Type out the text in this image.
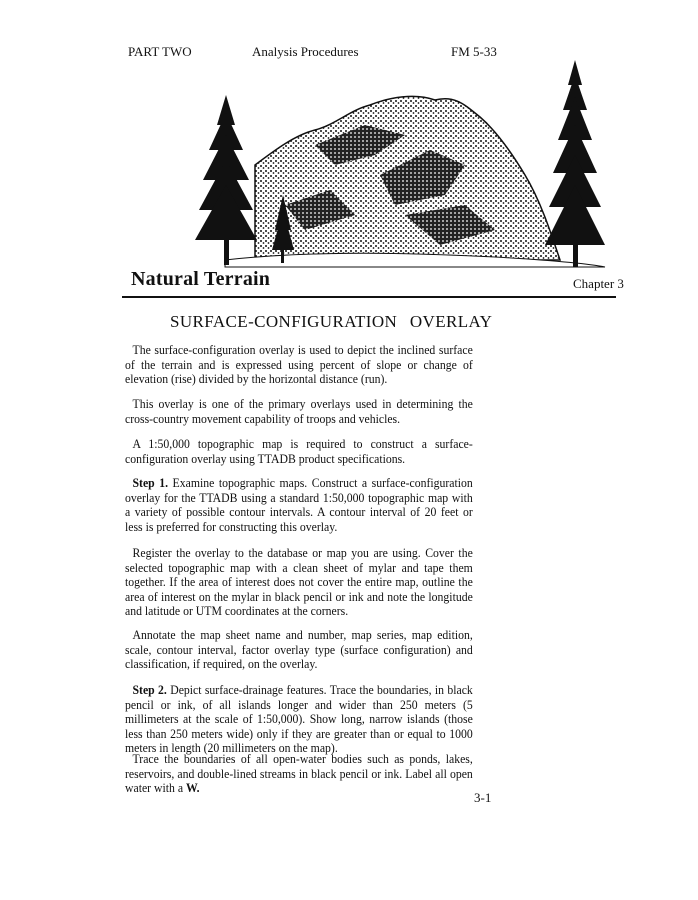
PART TWO	Analysis Procedures	FM 5-33
Natural Terrain	Chapter 3
SURFACE-CONFIGURATION OVERLAY

The surface-configuration overlay is used to depict the inclined surface of the terrain and is expressed using percent of slope or change of elevation (rise) divided by the horizontal distance (run).

This overlay is one of the primary overlays used in determining the cross-country movement capability of troops and vehicles.

A 1:50,000 topographic map is required to construct a surface-configuration overlay using TTADB product specifications.

Step 1. Examine topographic maps. Construct a surface-configuration overlay for the TTADB using a standard 1:50,000 topographic map with a variety of possible contour intervals. A contour interval of 20 feet or less is preferred for constructing this overlay.

Register the overlay to the database or map you are using. Cover the selected topographic map with a clean sheet of mylar and tape them together. If the area of interest does not cover the entire map, outline the area of interest on the mylar in black pencil or ink and note the longitude and latitude or UTM coordinates at the corners.

Annotate the map sheet name and number, map series, map edition, scale, contour interval, factor overlay type (surface configuration) and classification, if required, on the overlay.

Step 2. Depict surface-drainage features. Trace the boundaries, in black pencil or ink, of all islands longer and wider than 250 meters (5 millimeters at the scale of 1:50,000). Show long, narrow islands (those less than 250 meters wide) only if they are greater than or equal to 1000 meters in length (20 millimeters on the map).

Trace the boundaries of all open-water bodies such as ponds, lakes, reservoirs, and double-lined streams in black pencil or ink. Label all open water with a W.

3-1
